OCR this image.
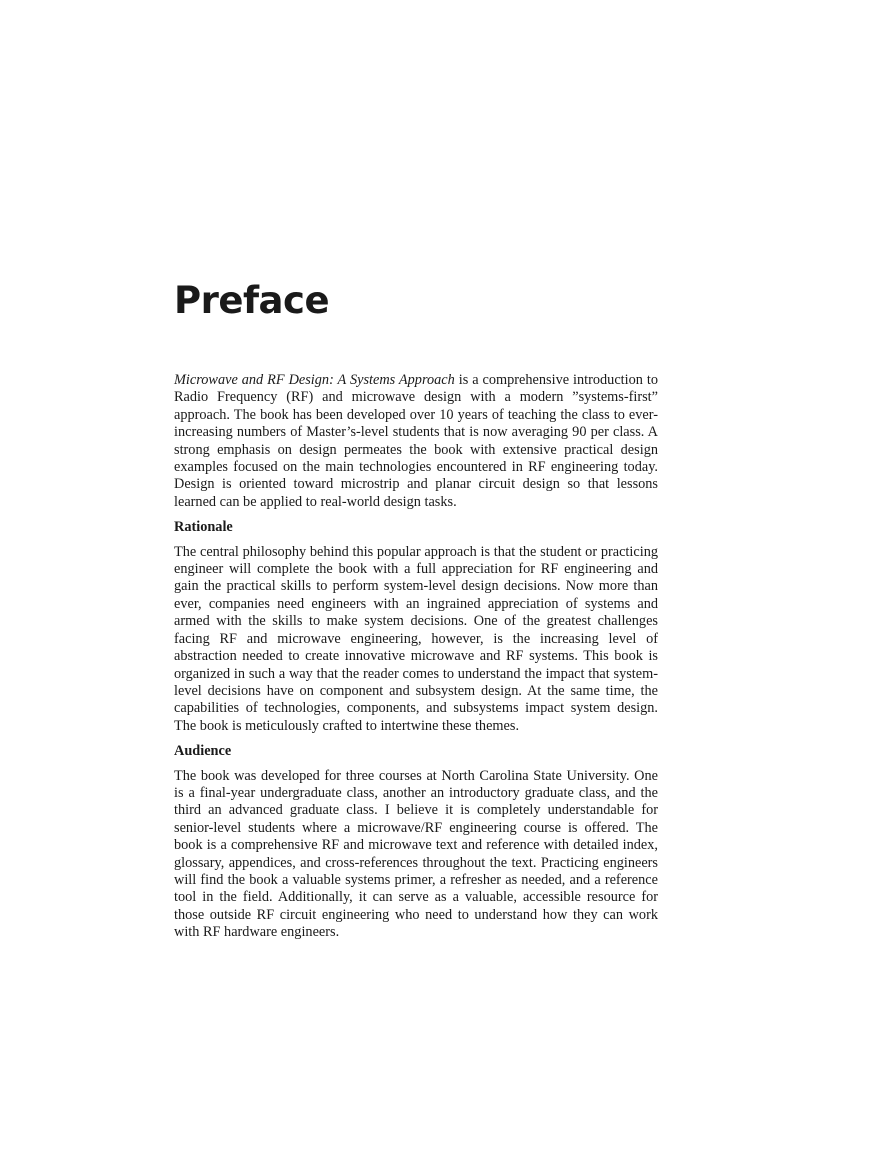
Preface

Microwave and RF Design: A Systems Approach is a comprehensive introduction to Radio Frequency (RF) and microwave design with a modern ”systems-first” approach. The book has been developed over 10 years of teaching the class to ever-increasing numbers of Master’s-level students that is now averaging 90 per class. A strong emphasis on design permeates the book with extensive practical design examples focused on the main technologies encountered in RF engineering today. Design is oriented toward microstrip and planar circuit design so that lessons learned can be applied to real-world design tasks.

Rationale

The central philosophy behind this popular approach is that the student or practicing engineer will complete the book with a full appreciation for RF engineering and gain the practical skills to perform system-level design decisions. Now more than ever, companies need engineers with an ingrained appreciation of systems and armed with the skills to make system decisions. One of the greatest challenges facing RF and microwave engineering, however, is the increasing level of abstraction needed to create innovative microwave and RF systems. This book is organized in such a way that the reader comes to understand the impact that system-level decisions have on component and subsystem design. At the same time, the capabilities of technologies, components, and subsystems impact system design. The book is meticulously crafted to intertwine these themes.

Audience

The book was developed for three courses at North Carolina State University. One is a final-year undergraduate class, another an introductory graduate class, and the third an advanced graduate class. I believe it is completely understandable for senior-level students where a microwave/RF engineering course is offered. The book is a comprehensive RF and microwave text and reference with detailed index, glossary, appendices, and cross-references throughout the text. Practicing engineers will find the book a valuable systems primer, a refresher as needed, and a reference tool in the field. Additionally, it can serve as a valuable, accessible resource for those outside RF circuit engineering who need to understand how they can work with RF hardware engineers.
